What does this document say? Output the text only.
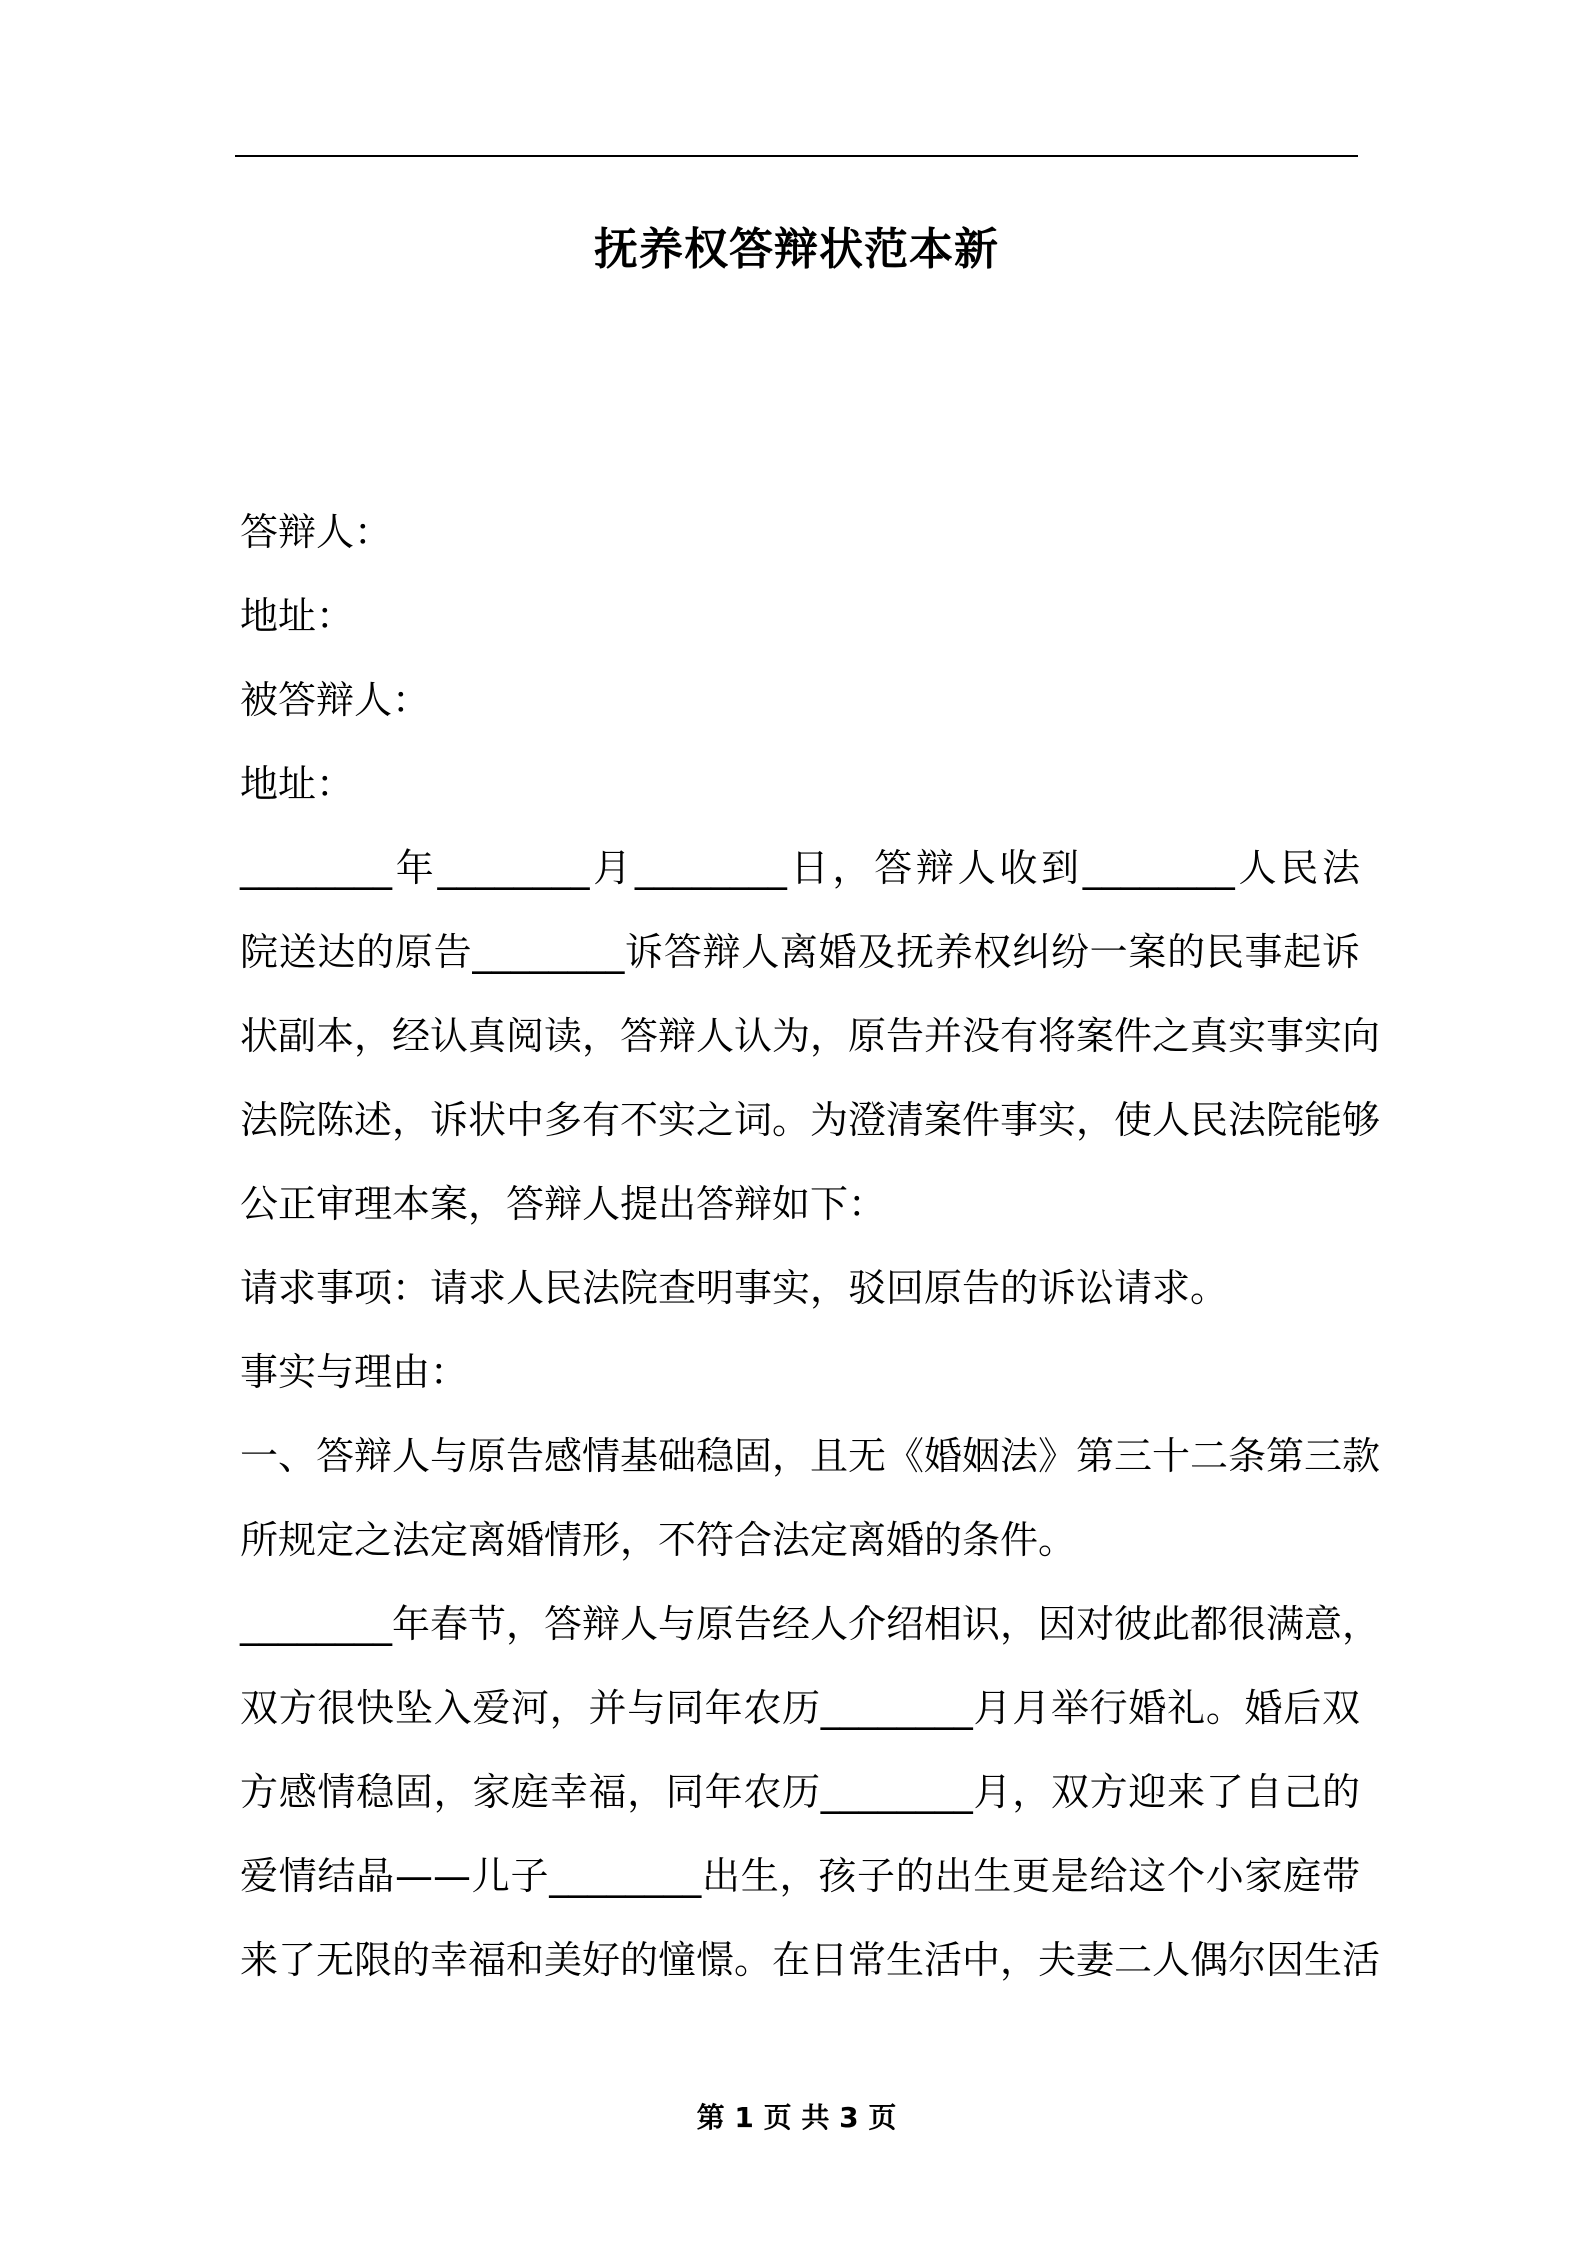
抚养权答辩状范本新

答辩人：

地址：

被答辩人：

地址：

________年________月________日，答辩人收到________人民法

院送达的原告________诉答辩人离婚及抚养权纠纷一案的民事起诉

状副本，经认真阅读，答辩人认为，原告并没有将案件之真实事实向

法院陈述，诉状中多有不实之词。为澄清案件事实，使人民法院能够

公正审理本案，答辩人提出答辩如下：

请求事项：请求人民法院查明事实，驳回原告的诉讼请求。

事实与理由：

一、答辩人与原告感情基础稳固，且无《婚姻法》第三十二条第三款

所规定之法定离婚情形，不符合法定离婚的条件。

________年春节，答辩人与原告经人介绍相识，因对彼此都很满意，

双方很快坠入爱河，并与同年农历________月月举行婚礼。婚后双

方感情稳固，家庭幸福，同年农历________月，双方迎来了自己的

爱情结晶——儿子________出生，孩子的出生更是给这个小家庭带

来了无限的幸福和美好的憧憬。在日常生活中，夫妻二人偶尔因生活

第 1 页 共 3 页
